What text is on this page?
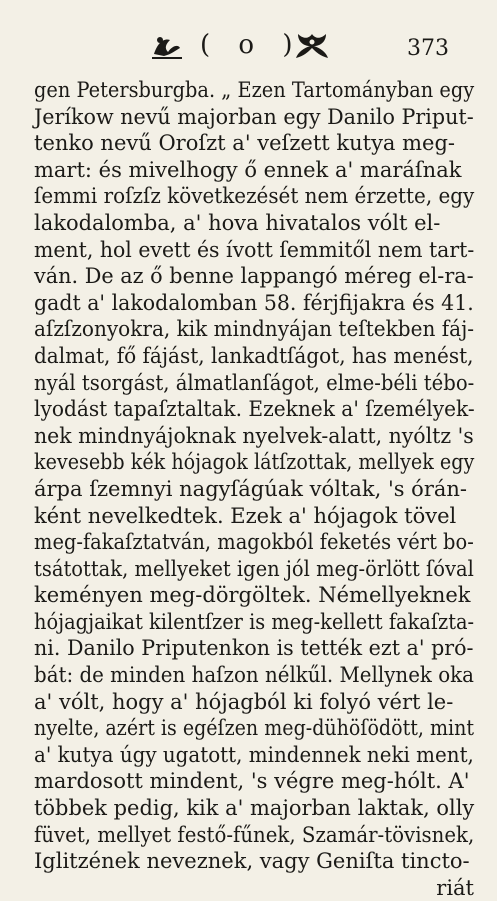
( o )	373
gen Petersburgba. „ Ezen Tartományban egy
Jeríkow nevű majorban egy Danilo Priput-
tenko nevű Oroſzt a' veſzett kutya meg-
mart: és mivelhogy ő ennek a' maráſnak
ſemmi roſzſz következését nem érzette, egy
lakodalomba, a' hova hivatalos vólt el-
ment, hol evett és ívott ſemmitől nem tart-
ván. De az ő benne lappangó méreg el-ra-
gadt a' lakodalomban 58. férjfijakra és 41.
aſzſzonyokra, kik mindnyájan teſtekben fáj-
dalmat, fő fájást, lankadtſágot, has menést,
nyál tsorgást, álmatlanſágot, elme-béli tébo-
lyodást tapaſztaltak. Ezeknek a' ſzemélyek-
nek mindnyájoknak nyelvek-alatt, nyóltz 's
kevesebb kék hójagok látſzottak, mellyek egy
árpa ſzemnyi nagyſágúak vóltak, 's órán-
ként nevelkedtek. Ezek a' hójagok tövel
meg-fakaſztatván, magokból feketés vért bo-
tsátottak, mellyeket igen jól meg-örlött ſóval
keményen meg-dörgöltek. Némellyeknek
hójagjaikat kilentſzer is meg-kellett fakaſzta-
ni. Danilo Priputenkon is tették ezt a' pró-
bát: de minden haſzon nélkűl. Mellynek oka
a' vólt, hogy a' hójagból ki folyó vért le-
nyelte, azért is egéſzen meg-dühöſödött, mint
a' kutya úgy ugatott, mindennek neki ment,
mardosott mindent, 's végre meg-hólt. A'
többek pedig, kik a' majorban laktak, olly
füvet, mellyet festő-fűnek, Szamár-tövisnek,
Iglitzének neveznek, vagy Geniſta tincto-
riát
